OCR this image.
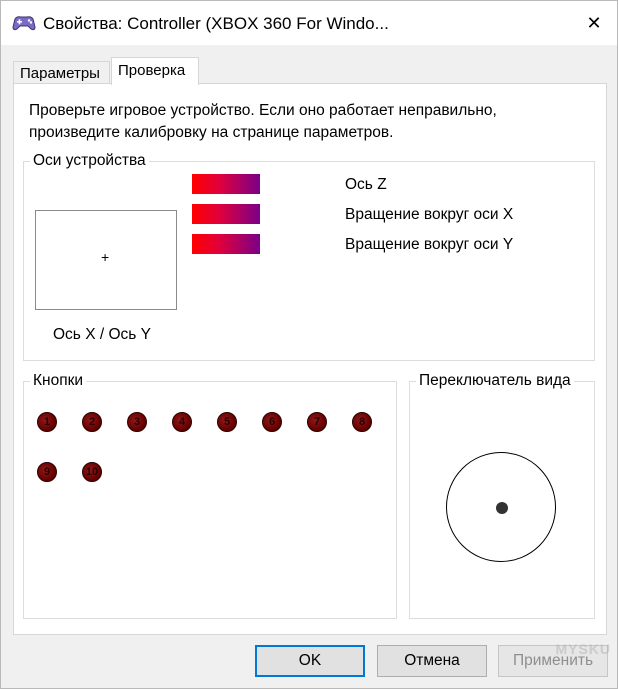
Свойства: Controller (XBOX 360 For Windo...	✕
Параметры	Проверка
Проверьте игровое устройство. Если оно работает неправильно,
произведите калибровку на странице параметров.
Оси устройства
+
Ось X / Ось Y
Ось Z
Вращение вокруг оси X
Вращение вокруг оси Y
Кнопки
1	2	3	4	5	6	7	8
9	10
Переключатель вида
OK	Отмена	Применить
MYSKU
